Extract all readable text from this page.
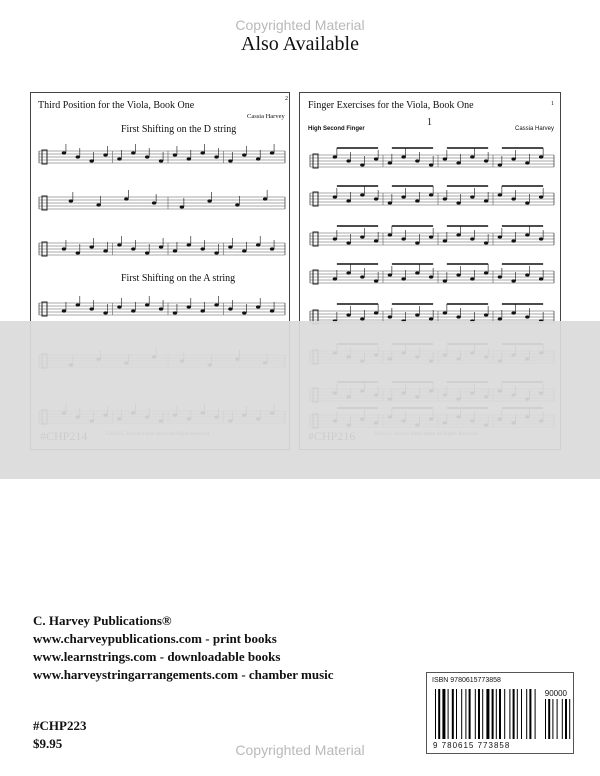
Copyrighted Material
Also Available
Third Position for the Viola, Book One
2
Cassia Harvey
First Shifting on the D string
First Shifting on the A string
Finger Exercises for the Viola, Book One	1
1
High Second Finger	Cassia Harvey
C. Harvey Publications®
www.charveypublications.com - print books
www.learnstrings.com - downloadable books
www.harveystringarrangements.com - chamber music
#CHP223
$9.95
ISBN 9780615773858
90000
9 780615 773858
Copyrighted Material
